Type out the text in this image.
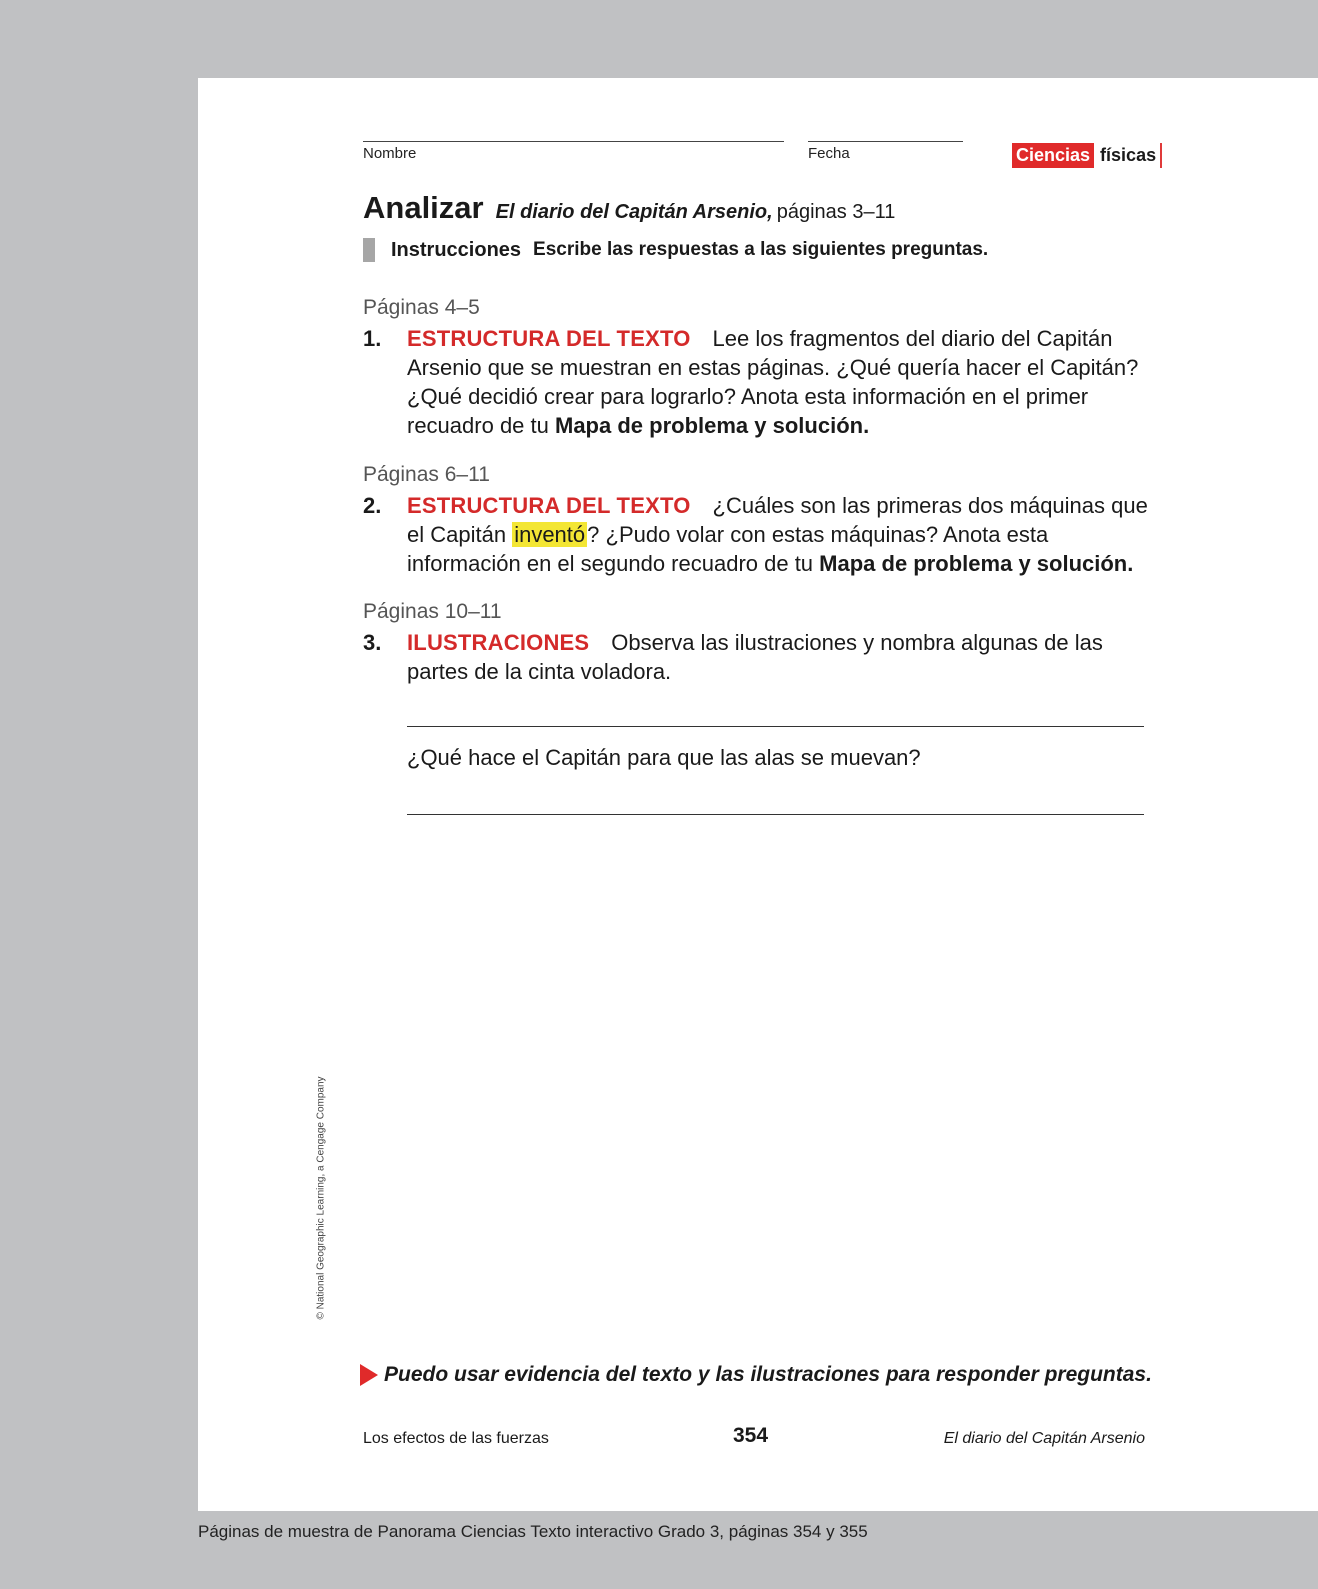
Nombre	Fecha	Ciencias físicas
Analizar El diario del Capitán Arsenio, páginas 3–11
Instrucciones Escribe las respuestas a las siguientes preguntas.
Páginas 4–5
1. ESTRUCTURA DEL TEXTO Lee los fragmentos del diario del Capitán Arsenio que se muestran en estas páginas. ¿Qué quería hacer el Capitán? ¿Qué decidió crear para lograrlo? Anota esta información en el primer recuadro de tu Mapa de problema y solución.
Páginas 6–11
2. ESTRUCTURA DEL TEXTO ¿Cuáles son las primeras dos máquinas que el Capitán inventó? ¿Pudo volar con estas máquinas? Anota esta información en el segundo recuadro de tu Mapa de problema y solución.
Páginas 10–11
3. ILUSTRACIONES Observa las ilustraciones y nombra algunas de las partes de la cinta voladora.
¿Qué hace el Capitán para que las alas se muevan?
© National Geographic Learning, a Cengage Company
Puedo usar evidencia del texto y las ilustraciones para responder preguntas.
Los efectos de las fuerzas	354	El diario del Capitán Arsenio
Páginas de muestra de Panorama Ciencias Texto interactivo Grado 3, páginas 354 y 355
